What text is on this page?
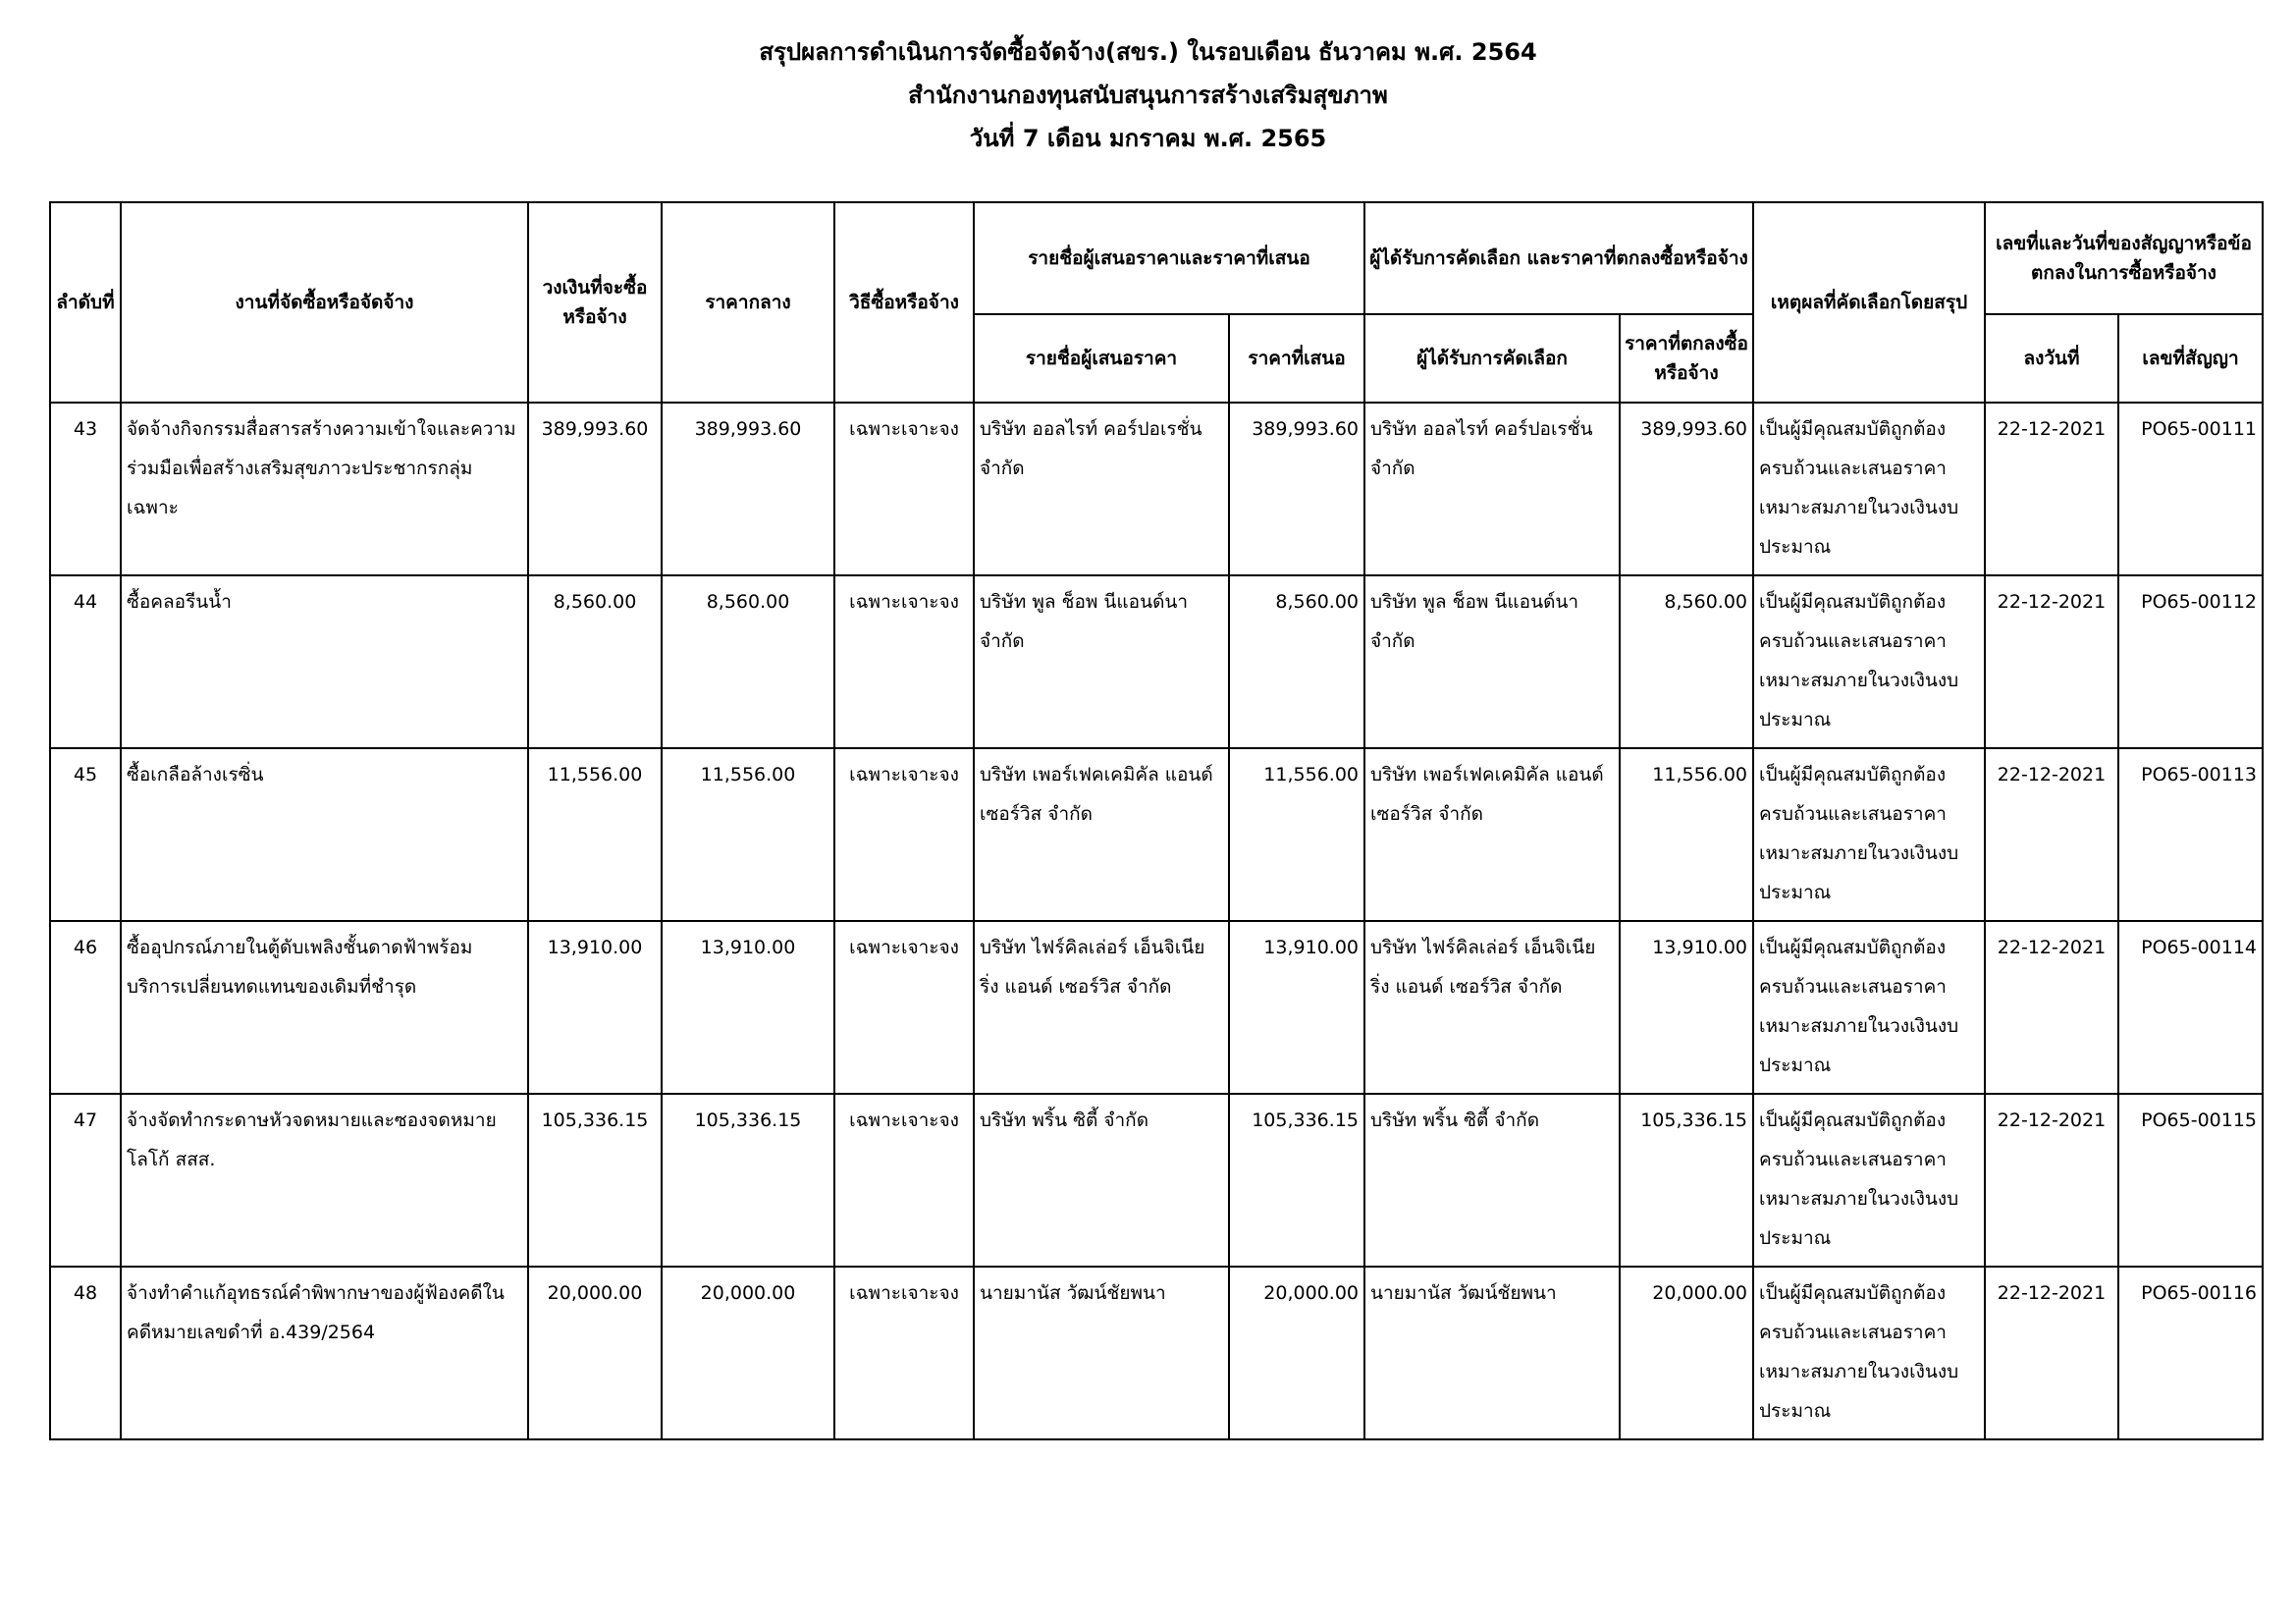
สรุปผลการดำเนินการจัดซื้อจัดจ้าง(สขร.) ในรอบเดือน ธันวาคม พ.ศ. 2564
สำนักงานกองทุนสนับสนุนการสร้างเสริมสุขภาพ
วันที่ 7 เดือน มกราคม พ.ศ. 2565
ลำดับที่	งานที่จัดซื้อหรือจัดจ้าง	วงเงินที่จะซื้อหรือจ้าง	ราคากลาง	วิธีซื้อหรือจ้าง	รายชื่อผู้เสนอราคาและราคาที่เสนอ		ผู้ได้รับการคัดเลือก และราคาที่ตกลงซื้อหรือจ้าง		เหตุผลที่คัดเลือกโดยสรุป	เลขที่และวันที่ของสัญญาหรือข้อตกลงในการซื้อหรือจ้าง	
					รายชื่อผู้เสนอราคา	ราคาที่เสนอ	ผู้ได้รับการคัดเลือก	ราคาที่ตกลงซื้อหรือจ้าง		ลงวันที่	เลขที่สัญญา
43	จัดจ้างกิจกรรมสื่อสารสร้างความเข้าใจและความร่วมมือเพื่อสร้างเสริมสุขภาวะประชากรกลุ่มเฉพาะ	389,993.60	389,993.60	เฉพาะเจาะจง	บริษัท ออลไรท์ คอร์ปอเรชั่น จำกัด	389,993.60	บริษัท ออลไรท์ คอร์ปอเรชั่น จำกัด	389,993.60	เป็นผู้มีคุณสมบัติถูกต้องครบถ้วนและเสนอราคาเหมาะสมภายในวงเงินงบประมาณ	22-12-2021	PO65-00111
44	ซื้อคลอรีนน้ำ	8,560.00	8,560.00	เฉพาะเจาะจง	บริษัท พูล ช็อพ นีแอนด์นา จำกัด	8,560.00	บริษัท พูล ช็อพ นีแอนด์นา จำกัด	8,560.00	เป็นผู้มีคุณสมบัติถูกต้องครบถ้วนและเสนอราคาเหมาะสมภายในวงเงินงบประมาณ	22-12-2021	PO65-00112
45	ซื้อเกลือล้างเรซิ่น	11,556.00	11,556.00	เฉพาะเจาะจง	บริษัท เพอร์เฟคเคมิคัล แอนด์ เซอร์วิส จำกัด	11,556.00	บริษัท เพอร์เฟคเคมิคัล แอนด์ เซอร์วิส จำกัด	11,556.00	เป็นผู้มีคุณสมบัติถูกต้องครบถ้วนและเสนอราคาเหมาะสมภายในวงเงินงบประมาณ	22-12-2021	PO65-00113
46	ซื้ออุปกรณ์ภายในตู้ดับเพลิงชั้นดาดฟ้าพร้อมบริการเปลี่ยนทดแทนของเดิมที่ชำรุด	13,910.00	13,910.00	เฉพาะเจาะจง	บริษัท ไฟร์คิลเล่อร์ เอ็นจิเนียริ่ง แอนด์ เซอร์วิส จำกัด	13,910.00	บริษัท ไฟร์คิลเล่อร์ เอ็นจิเนียริ่ง แอนด์ เซอร์วิส จำกัด	13,910.00	เป็นผู้มีคุณสมบัติถูกต้องครบถ้วนและเสนอราคาเหมาะสมภายในวงเงินงบประมาณ	22-12-2021	PO65-00114
47	จ้างจัดทำกระดาษหัวจดหมายและซองจดหมายโลโก้ สสส.	105,336.15	105,336.15	เฉพาะเจาะจง	บริษัท พริ้น ซิตี้ จำกัด	105,336.15	บริษัท พริ้น ซิตี้ จำกัด	105,336.15	เป็นผู้มีคุณสมบัติถูกต้องครบถ้วนและเสนอราคาเหมาะสมภายในวงเงินงบประมาณ	22-12-2021	PO65-00115
48	จ้างทำคำแก้อุทธรณ์คำพิพากษาของผู้ฟ้องคดีในคดีหมายเลขดำที่ อ.439/2564	20,000.00	20,000.00	เฉพาะเจาะจง	นายมานัส วัฒน์ชัยพนา	20,000.00	นายมานัส วัฒน์ชัยพนา	20,000.00	เป็นผู้มีคุณสมบัติถูกต้องครบถ้วนและเสนอราคาเหมาะสมภายในวงเงินงบประมาณ	22-12-2021	PO65-00116
